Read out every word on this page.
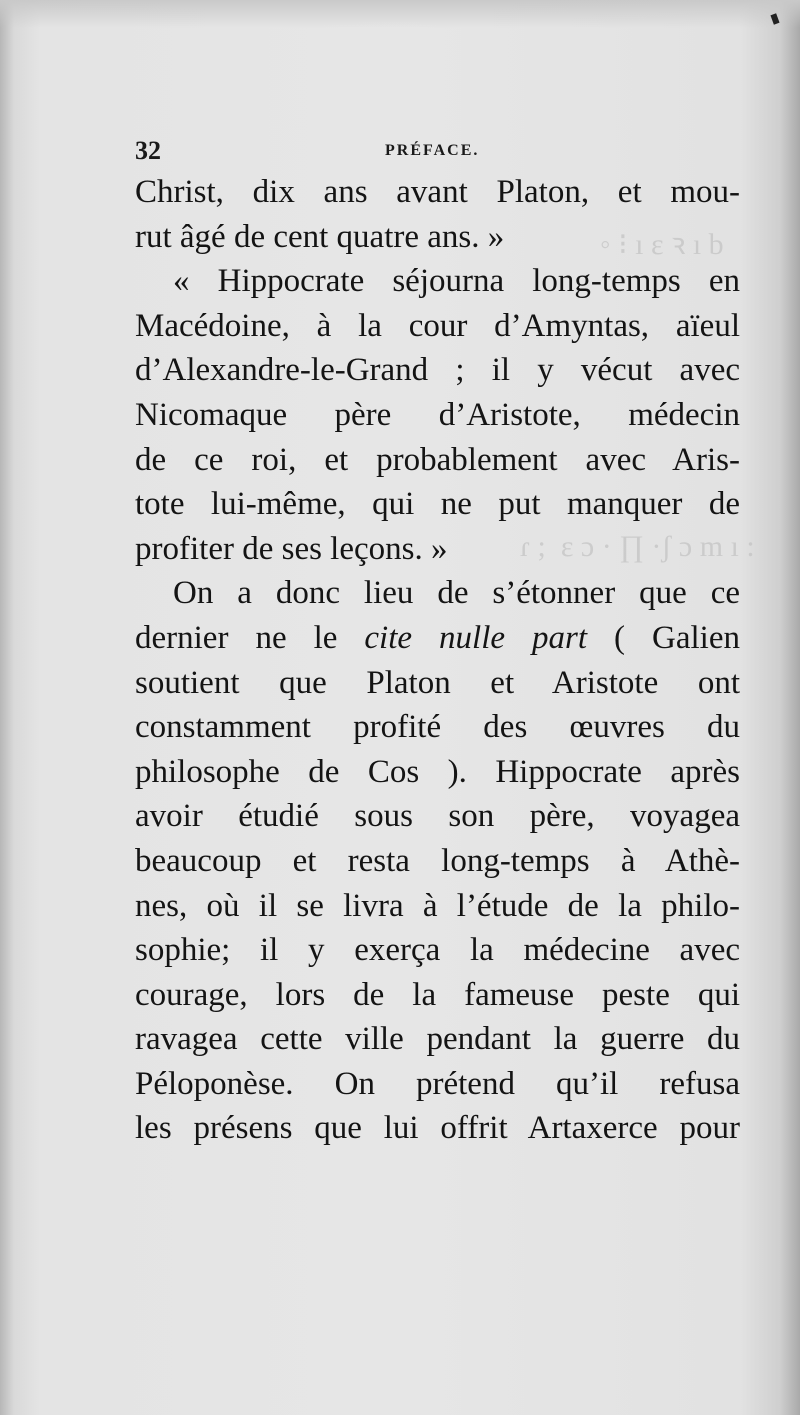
◦ ⁝ ı ε ꝛ ı b
ɾ ;  ε ɔ · ∏ ·ʃ ɔ m ı :
32	PRÉFACE.
Christ, dix ans avant Platon, et mou-
rut âgé de cent quatre ans. »
« Hippocrate séjourna long-temps en
Macédoine, à la cour d’Amyntas, aïeul
d’Alexandre-le-Grand ; il y vécut avec
Nicomaque père d’Aristote, médecin
de ce roi, et probablement avec Aris-
tote lui-même, qui ne put manquer de
profiter de ses leçons. »
On a donc lieu de s’étonner que ce
dernier ne le cite nulle part ( Galien
soutient que Platon et Aristote ont
constamment profité des œuvres du
philosophe de Cos ). Hippocrate après
avoir étudié sous son père, voyagea
beaucoup et resta long-temps à Athè-
nes, où il se livra à l’étude de la philo-
sophie; il y exerça la médecine avec
courage, lors de la fameuse peste qui
ravagea cette ville pendant la guerre du
Péloponèse. On prétend qu’il refusa
les présens que lui offrit Artaxerce pour
